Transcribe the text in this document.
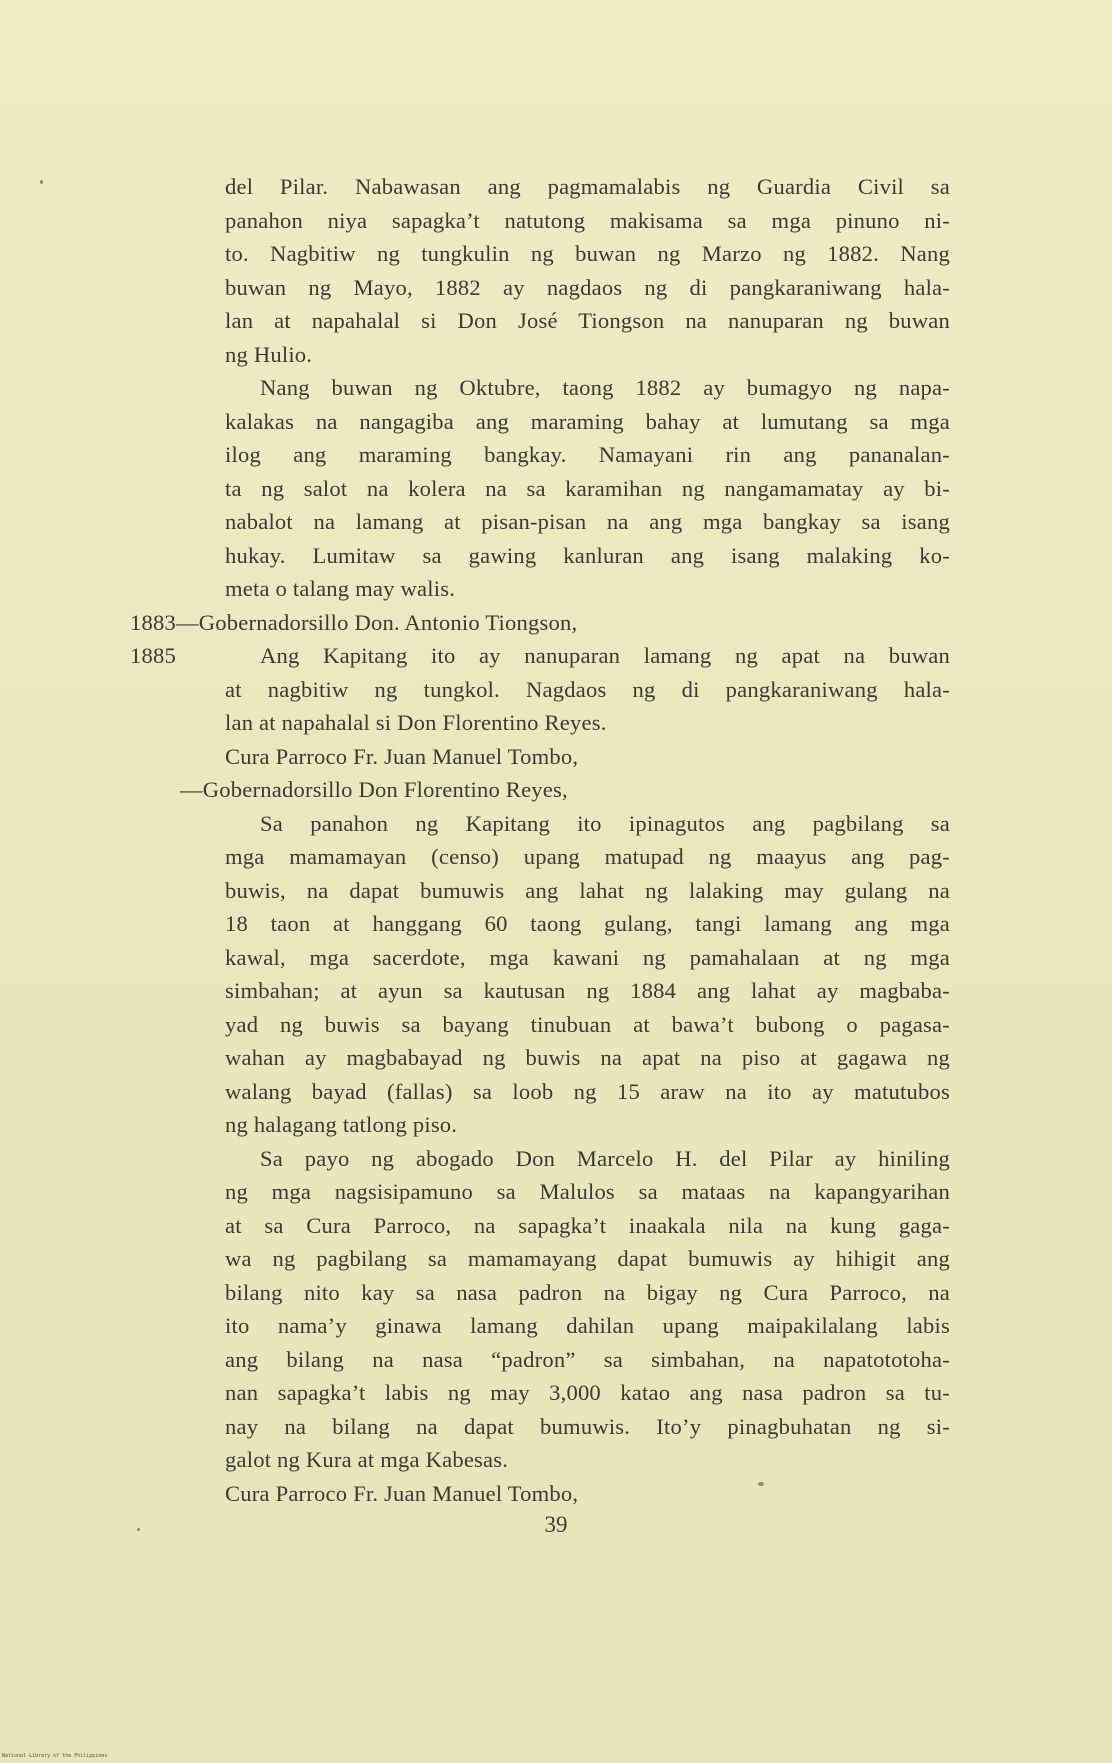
del Pilar. Nabawasan ang pagmamalabis ng Guardia Civil sa
panahon niya sapagka’t natutong makisama sa mga pinuno ni-
to. Nagbitiw ng tungkulin ng buwan ng Marzo ng 1882. Nang
buwan ng Mayo, 1882 ay nagdaos ng di pangkaraniwang hala-
lan at napahalal si Don José Tiongson na nanuparan ng buwan
ng Hulio.
Nang buwan ng Oktubre, taong 1882 ay bumagyo ng napa-
kalakas na nangagiba ang maraming bahay at lumutang sa mga
ilog ang maraming bangkay. Namayani rin ang pananalan-
ta ng salot na kolera na sa karamihan ng nangamamatay ay bi-
nabalot na lamang at pisan-pisan na ang mga bangkay sa isang
hukay. Lumitaw sa gawing kanluran ang isang malaking ko-
meta o talang may walis.
1883—Gobernadorsillo Don. Antonio Tiongson,
1885	Ang Kapitang ito ay nanuparan lamang ng apat na buwan
at nagbitiw ng tungkol. Nagdaos ng di pangkaraniwang hala-
lan at napahalal si Don Florentino Reyes.
Cura Parroco Fr. Juan Manuel Tombo,
—Gobernadorsillo Don Florentino Reyes,
Sa panahon ng Kapitang ito ipinagutos ang pagbilang sa
mga mamamayan (censo) upang matupad ng maayus ang pag-
buwis, na dapat bumuwis ang lahat ng lalaking may gulang na
18 taon at hanggang 60 taong gulang, tangi lamang ang mga
kawal, mga sacerdote, mga kawani ng pamahalaan at ng mga
simbahan; at ayun sa kautusan ng 1884 ang lahat ay magbaba-
yad ng buwis sa bayang tinubuan at bawa’t bubong o pagasa-
wahan ay magbabayad ng buwis na apat na piso at gagawa ng
walang bayad (fallas) sa loob ng 15 araw na ito ay matutubos
ng halagang tatlong piso.
Sa payo ng abogado Don Marcelo H. del Pilar ay hiniling
ng mga nagsisipamuno sa Malulos sa mataas na kapangyarihan
at sa Cura Parroco, na sapagka’t inaakala nila na kung gaga-
wa ng pagbilang sa mamamayang dapat bumuwis ay hihigit ang
bilang nito kay sa nasa padron na bigay ng Cura Parroco, na
ito nama’y ginawa lamang dahilan upang maipakilalang labis
ang bilang na nasa “padron” sa simbahan, na napatototoha-
nan sapagka’t labis ng may 3,000 katao ang nasa padron sa tu-
nay na bilang na dapat bumuwis. Ito’y pinagbuhatan ng si-
galot ng Kura at mga Kabesas.
Cura Parroco Fr. Juan Manuel Tombo,
39
National Library of the Philippines
